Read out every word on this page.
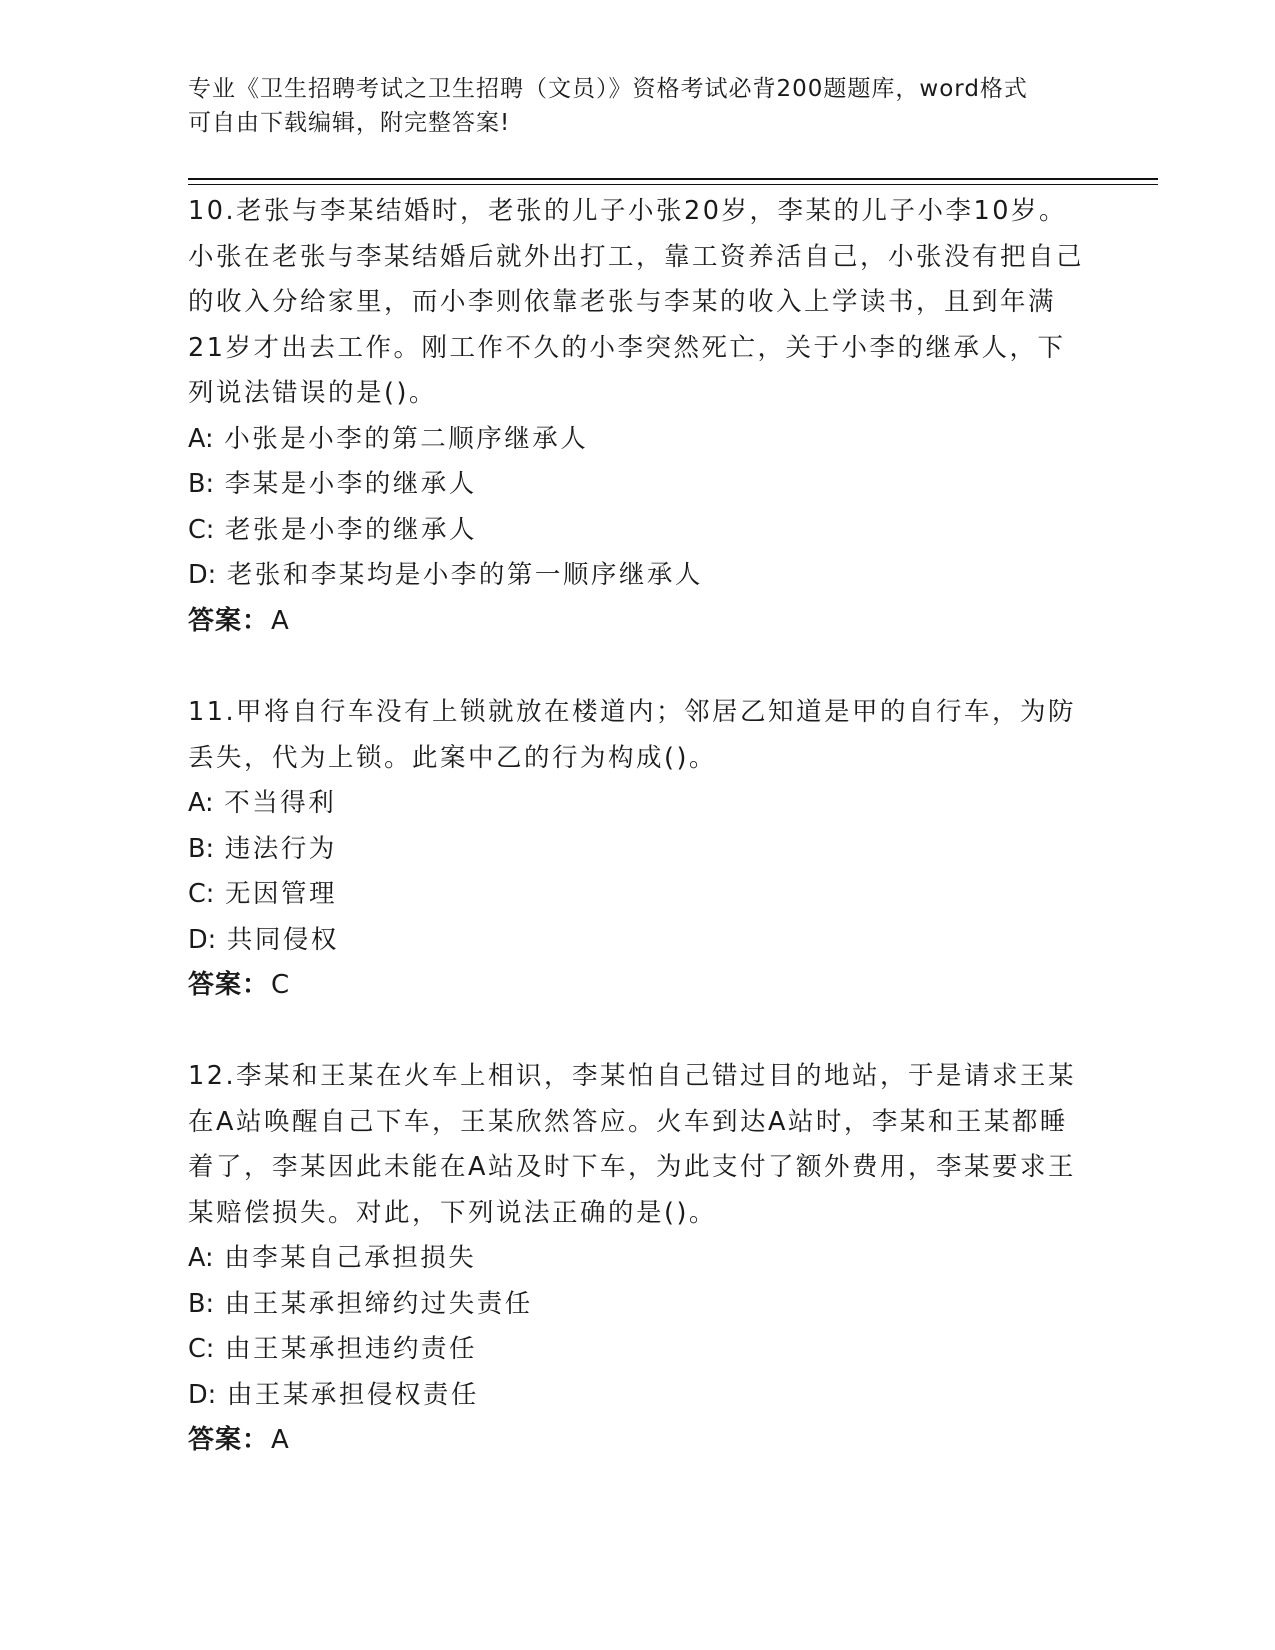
专业《卫生招聘考试之卫生招聘（文员）》资格考试必背200题题库，word格式
可自由下载编辑，附完整答案!

10.老张与李某结婚时，老张的儿子小张20岁，李某的儿子小李10岁。小张在老张与李某结婚后就外出打工，靠工资养活自己，小张没有把自己的收入分给家里，而小李则依靠老张与李某的收入上学读书，且到年满21岁才出去工作。刚工作不久的小李突然死亡，关于小李的继承人，下列说法错误的是()。

A: 小张是小李的第二顺序继承人

B: 李某是小李的继承人

C: 老张是小李的继承人

D: 老张和李某均是小李的第一顺序继承人

答案：A

11.甲将自行车没有上锁就放在楼道内；邻居乙知道是甲的自行车，为防丢失，代为上锁。此案中乙的行为构成()。

A: 不当得利

B: 违法行为

C: 无因管理

D: 共同侵权

答案：C

12.李某和王某在火车上相识，李某怕自己错过目的地站，于是请求王某在A站唤醒自己下车，王某欣然答应。火车到达A站时，李某和王某都睡着了，李某因此未能在A站及时下车，为此支付了额外费用，李某要求王某赔偿损失。对此，下列说法正确的是()。

A: 由李某自己承担损失

B: 由王某承担缔约过失责任

C: 由王某承担违约责任

D: 由王某承担侵权责任

答案：A
